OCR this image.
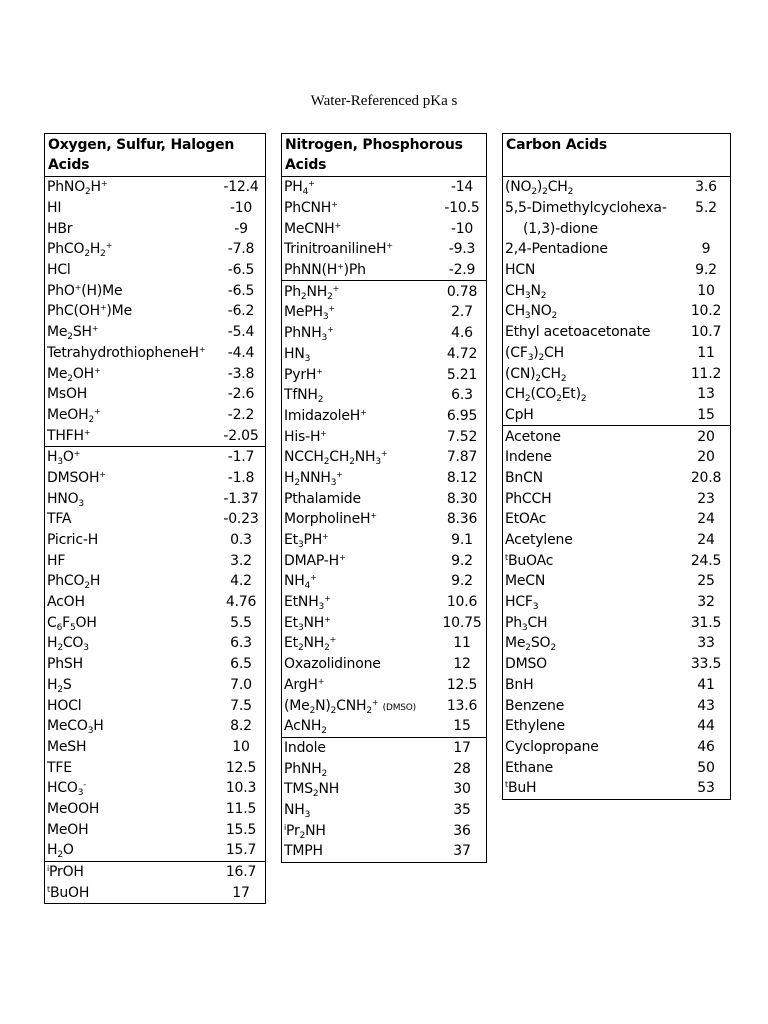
Water-Referenced pKa s
Oxygen, Sulfur, Halogen Acids
PhNO$_2$H+	-12.4
HI	-10
HBr	-9
$PhCO_2H_2^+$	-7.8
HCl	-6.5
PhO+(H)Me	-6.5
PhC(OH+)Me	-6.2
$Me_2SH^+$	-5.4
TetrahydrothiopheneH+	-4.4
$Me_2OH^+$	-3.8
MsOH	-2.6
MeOH$_2$+	-2.2
THFH+	-2.05
$H_3O^+$	-1.7
DMSOH+	-1.8
$HNO_3$	-1.37
TFA	-0.23
Picric-H	0.3
HF	3.2
PhCO$_2$H	4.2
AcOH	4.76
$C_6F_5OH$	5.5
$H_2CO_3$	6.3
PhSH	6.5
$H_2S$	7.0
HOCl	7.5
MeCO$_3$H	8.2
MeSH	10
TFE	12.5
$HCO_3^-$	10.3
MeOOH	11.5
MeOH	15.5
$H_2O$	15.7
$^i$PrOH	16.7
$^t$BuOH	17
Nitrogen, Phosphorous Acids
$PH_4^+$	-14
PhCNH+	-10.5
MeCNH+	-10
TrinitroanilineH+	-9.3
PhNN(H+)Ph	-2.9
$Ph_2NH_2^+$	0.78
MePH$_3$+	2.7
PhNH$_3$+	4.6
$HN_3$	4.72
PyrH+	5.21
TfNH$_2$	6.3
ImidazoleH+	6.95
His-H+	7.52
$NCCH_2CH_2NH_3^+$	7.87
$H_2NNH_3^+$	8.12
Pthalamide	8.30
MorpholineH+	8.36
$Et_3PH^+$	9.1
DMAP-H+	9.2
$NH_4^+$	9.2
EtNH$_3$+	10.6
$Et_3NH^+$	10.75
$Et_2NH_2^+$	11
Oxazolidinone	12
ArgH+	12.5
$(Me_2N)_2CNH_2^+$ (DMSO)	13.6
AcNH$_2$	15
Indole	17
PhNH$_2$	28
$TMS_2NH$	30
$NH_3$	35
$^iPr_2NH$	36
TMPH	37
Carbon Acids
$(NO_2)_2CH_2$	3.6
5,5-Dimethylcyclohexa-	5.2
(1,3)-dione
2,4-Pentadione	9
HCN	9.2
$CH_3N_2$	10
$CH_3NO_2$	10.2
Ethyl acetoacetonate	10.7
$(CF_3)_2CH$	11
$(CN)_2CH_2$	11.2
$CH_2(CO_2Et)_2$	13
CpH	15
Acetone	20
Indene	20
BnCN	20.8
PhCCH	23
EtOAc	24
Acetylene	24
$^t$BuOAc	24.5
MeCN	25
$HCF_3$	32
$Ph_3CH$	31.5
$Me_2SO_2$	33
DMSO	33.5
BnH	41
Benzene	43
Ethylene	44
Cyclopropane	46
Ethane	50
$^t$BuH	53
